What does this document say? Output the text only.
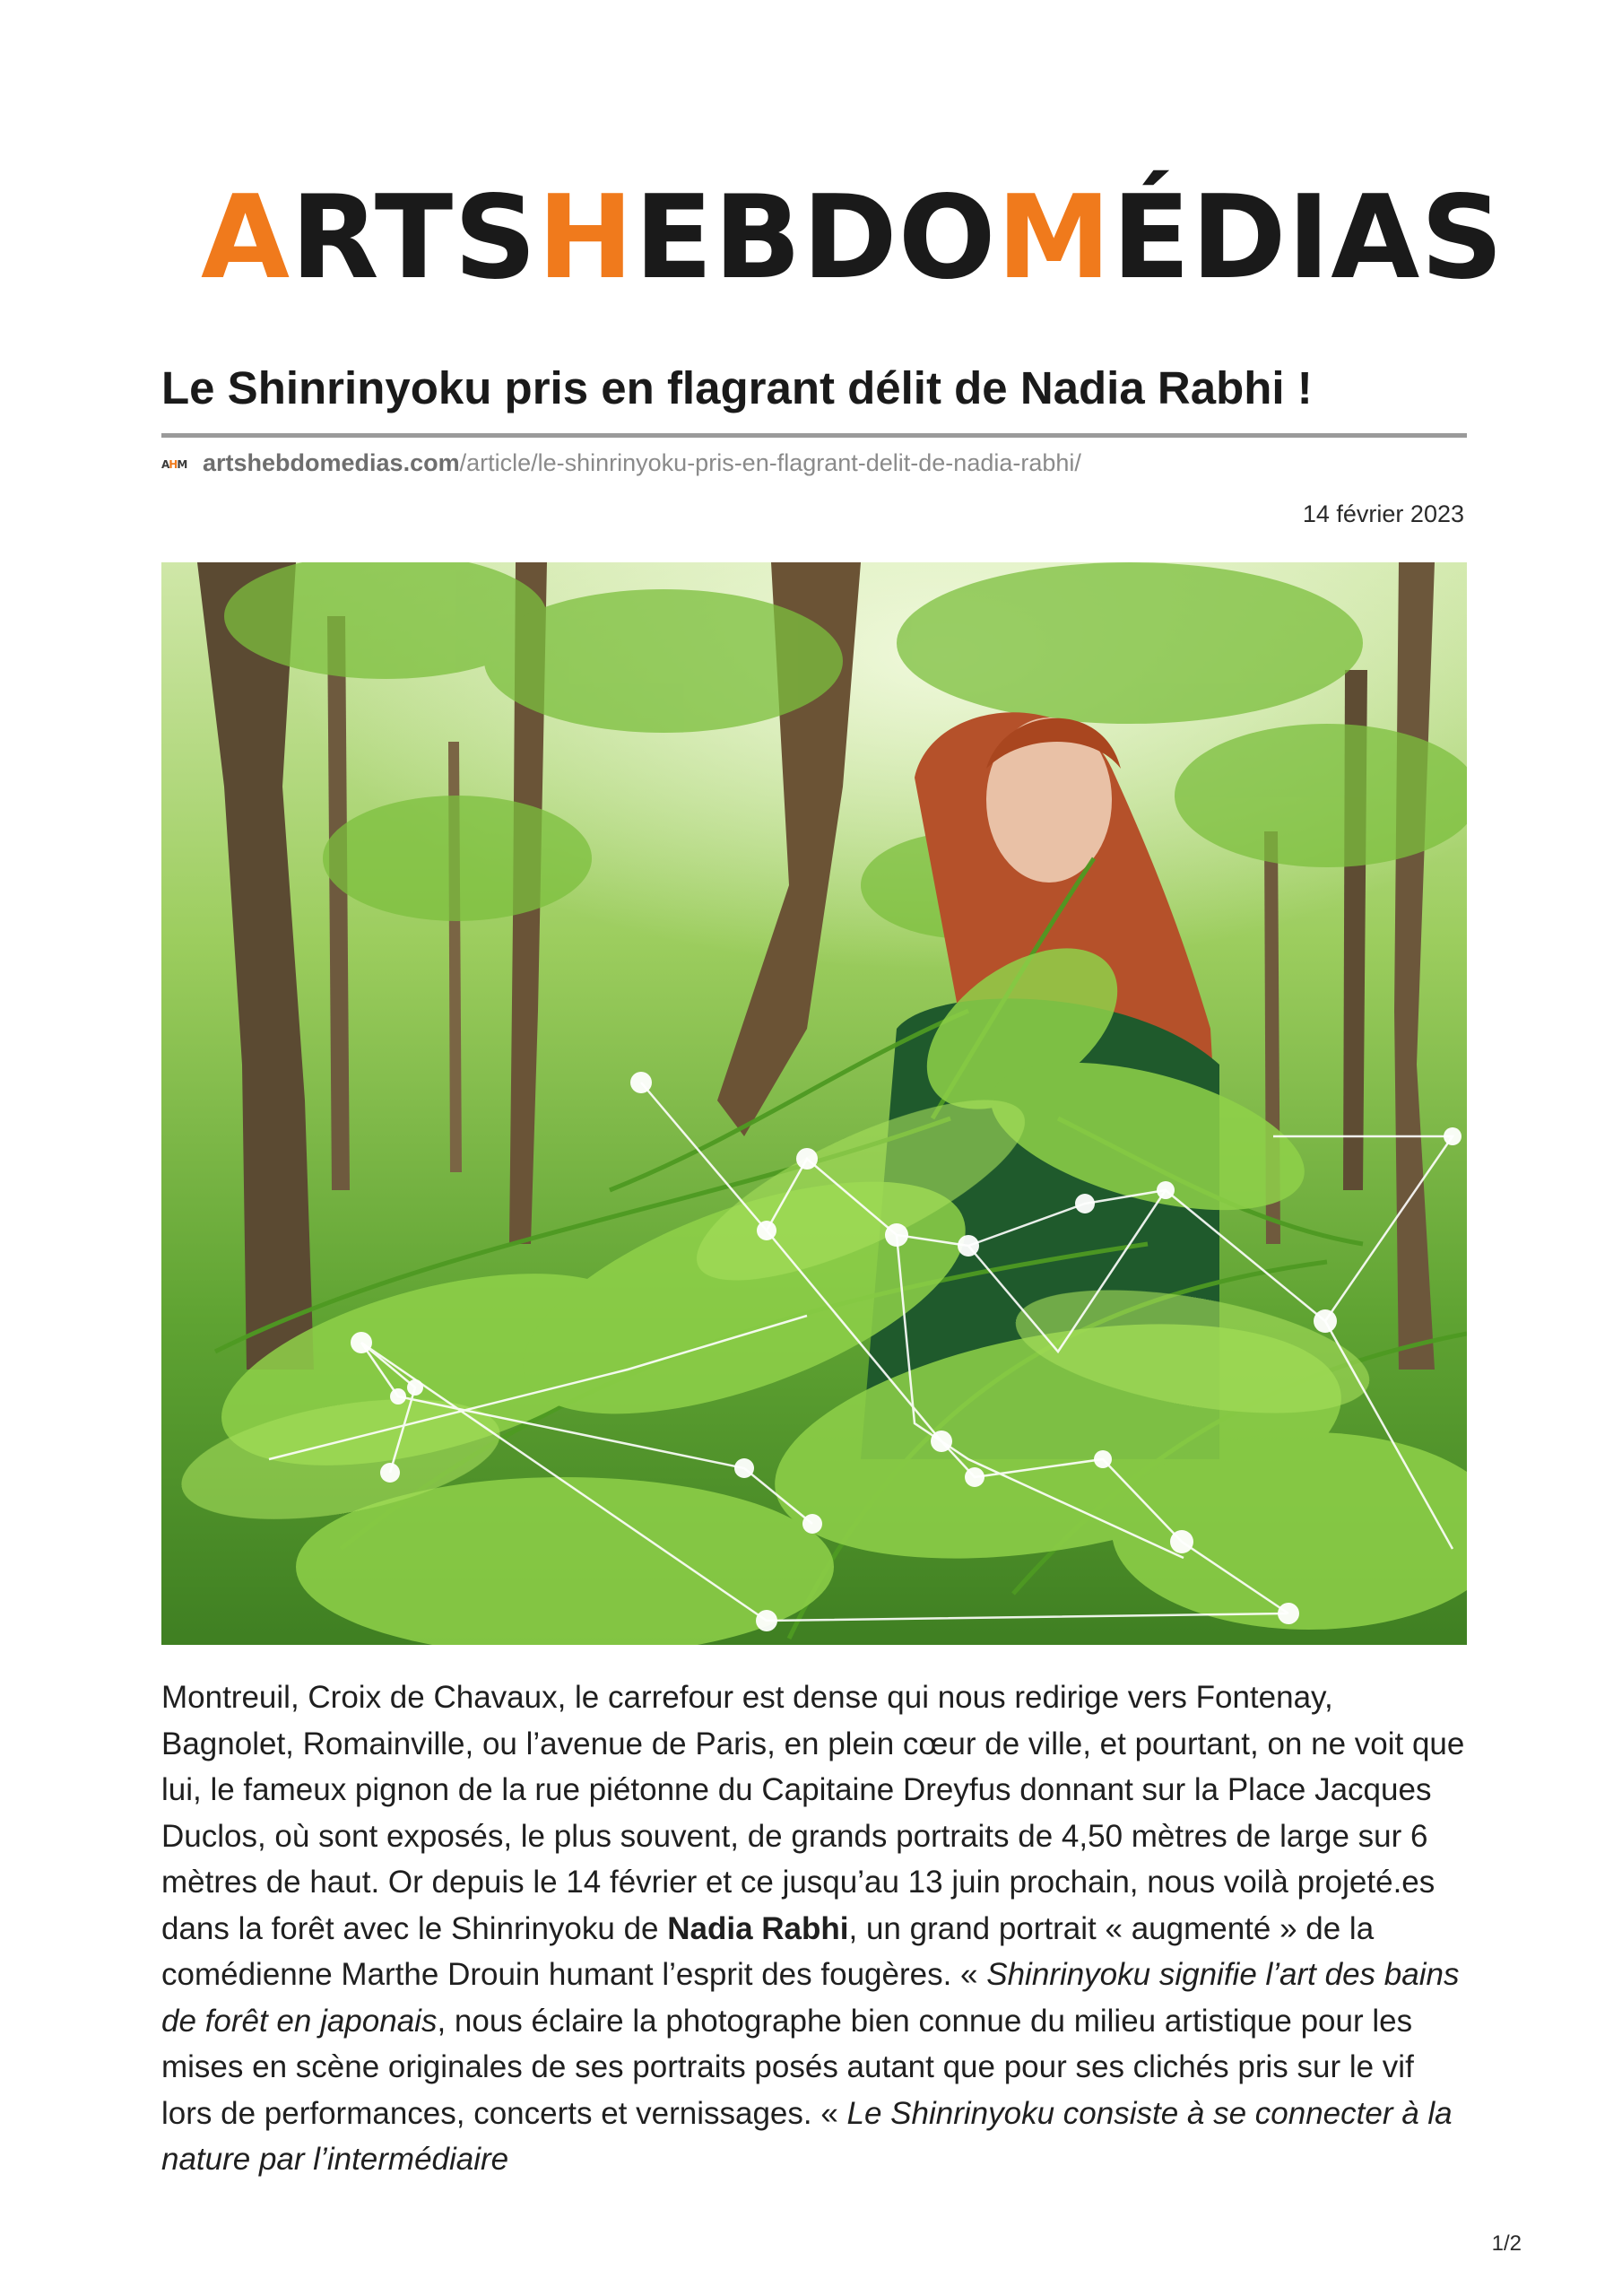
ARTSHEBDOMÉDIAS
Le Shinrinyoku pris en flagrant délit de Nadia Rabhi !
AHM artshebdomedias.com/article/le-shinrinyoku-pris-en-flagrant-delit-de-nadia-rabhi/
14 février 2023

Montreuil, Croix de Chavaux, le carrefour est dense qui nous redirige vers Fontenay, Bagnolet, Romainville, ou l’avenue de Paris, en plein cœur de ville, et pourtant, on ne voit que lui, le fameux pignon de la rue piétonne du Capitaine Dreyfus donnant sur la Place Jacques Duclos, où sont exposés, le plus souvent, de grands portraits de 4,50 mètres de large sur 6 mètres de haut. Or depuis le 14 février et ce jusqu’au 13 juin prochain, nous voilà projeté.es dans la forêt avec le Shinrinyoku de Nadia Rabhi, un grand portrait « augmenté » de la comédienne Marthe Drouin humant l’esprit des fougères. « Shinrinyoku signifie l’art des bains de forêt en japonais, nous éclaire la photographe bien connue du milieu artistique pour les mises en scène originales de ses portraits posés autant que pour ses clichés pris sur le vif lors de performances, concerts et vernissages. « Le Shinrinyoku consiste à se connecter à la nature par l’intermédiaire

1/2
